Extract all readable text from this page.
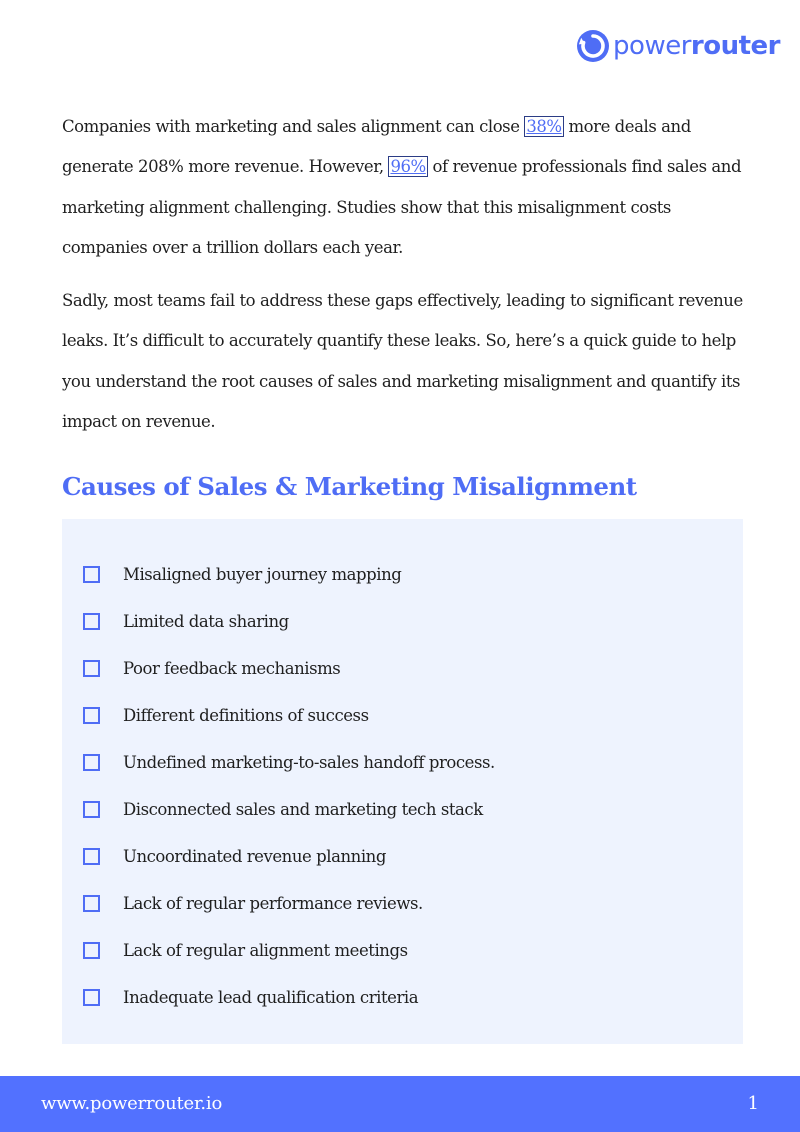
powerrouter

Companies with marketing and sales alignment can close 38% more deals and generate 208% more revenue. However, 96% of revenue professionals find sales and marketing alignment challenging. Studies show that this misalignment costs companies over a trillion dollars each year.

Sadly, most teams fail to address these gaps effectively, leading to significant revenue leaks. It’s difficult to accurately quantify these leaks. So, here’s a quick guide to help you understand the root causes of sales and marketing misalignment and quantify its impact on revenue.

Causes of Sales & Marketing Misalignment
Misaligned buyer journey mapping
Limited data sharing
Poor feedback mechanisms
Different definitions of success
Undefined marketing-to-sales handoff process.
Disconnected sales and marketing tech stack
Uncoordinated revenue planning
Lack of regular performance reviews.
Lack of regular alignment meetings
Inadequate lead qualification criteria
www.powerrouter.io	1
